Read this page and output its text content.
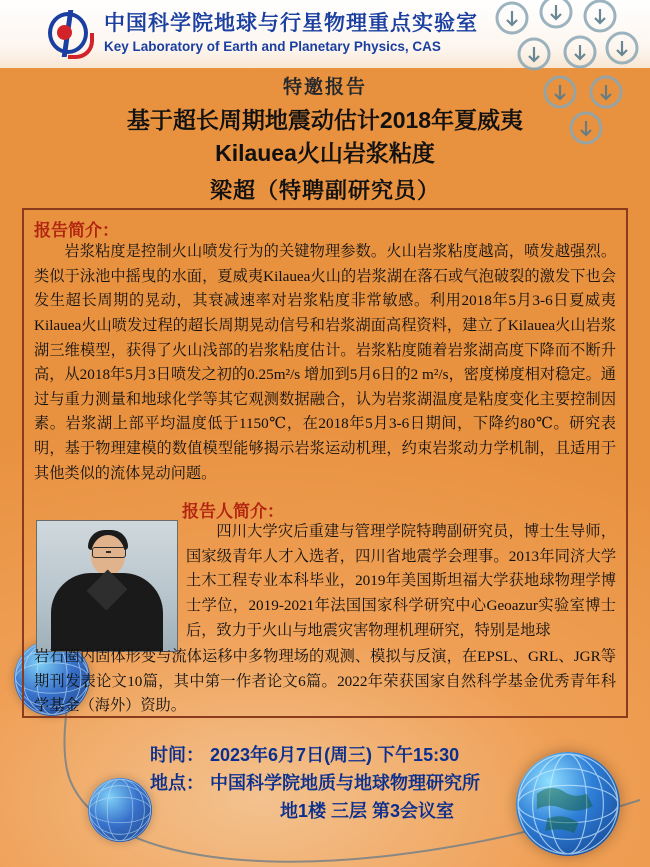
中国科学院地球与行星物理重点实验室
Key Laboratory of Earth and Planetary Physics, CAS
特邀报告
基于超长周期地震动估计2018年夏威夷
Kilauea火山岩浆粘度
梁超（特聘副研究员）
报告简介：
岩浆粘度是控制火山喷发行为的关键物理参数。火山岩浆粘度越高，喷发越强烈。类似于泳池中摇曳的水面，夏威夷Kilauea火山的岩浆湖在落石或气泡破裂的激发下也会发生超长周期的晃动，其衰减速率对岩浆粘度非常敏感。利用2018年5月3-6日夏威夷Kilauea火山喷发过程的超长周期晃动信号和岩浆湖面高程资料，建立了Kilauea火山岩浆湖三维模型，获得了火山浅部的岩浆粘度估计。岩浆粘度随着岩浆湖高度下降而不断升高，从2018年5月3日喷发之初的0.25m²/s 增加到5月6日的2 m²/s，密度梯度相对稳定。通过与重力测量和地球化学等其它观测数据融合，认为岩浆湖温度是粘度变化主要控制因素。岩浆湖上部平均温度低于1150℃，在2018年5月3-6日期间，下降约80℃。研究表明，基于物理建模的数值模型能够揭示岩浆运动机理，约束岩浆动力学机制，且适用于其他类似的流体晃动问题。
报告人简介：
四川大学灾后重建与管理学院特聘副研究员，博士生导师，国家级青年人才入选者，四川省地震学会理事。2013年同济大学土木工程专业本科毕业，2019年美国斯坦福大学获地球物理学博士学位，2019-2021年法国国家科学研究中心Geoazur实验室博士后，致力于火山与地震灾害物理机理研究，特别是地球
岩石圈内固体形变与流体运移中多物理场的观测、模拟与反演，在EPSL、GRL、JGR等期刊发表论文10篇，其中第一作者论文6篇。2022年荣获国家自然科学基金优秀青年科学基金（海外）资助。
时间： 2023年6月7日(周三) 下午15:30
地点： 中国科学院地质与地球物理研究所
地1楼 三层 第3会议室
